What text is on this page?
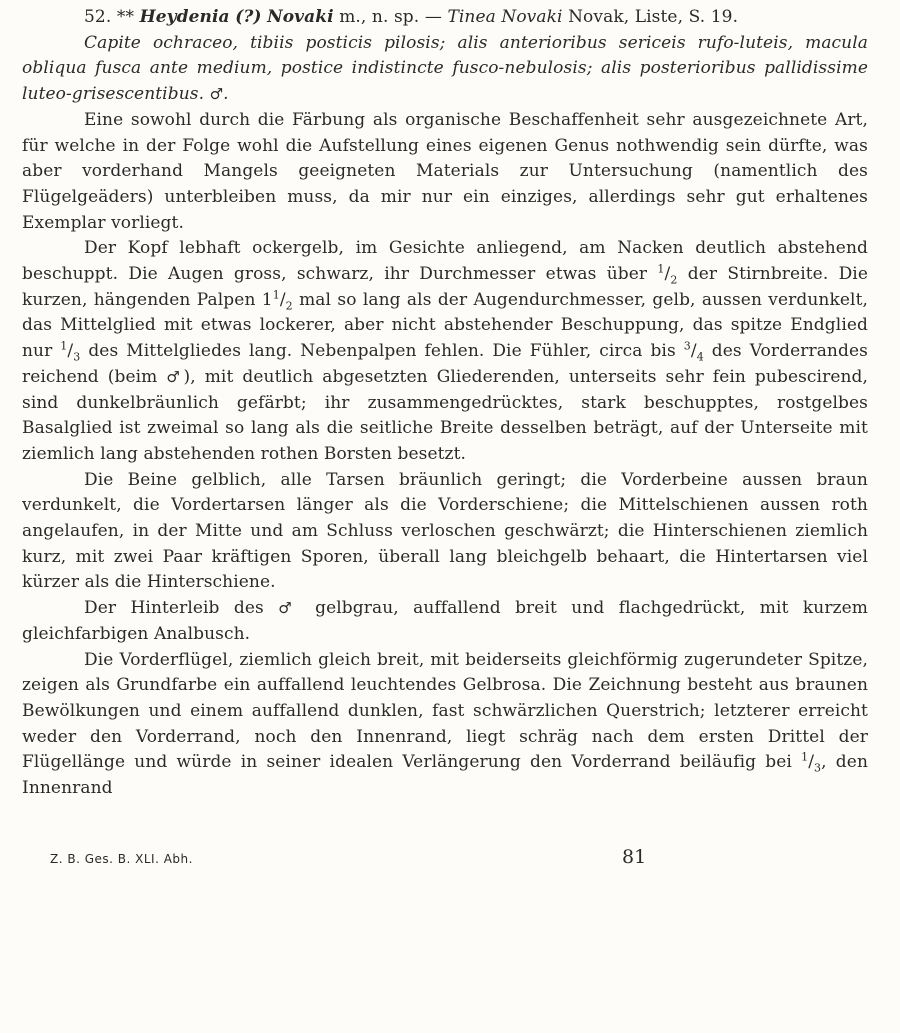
52. ** Heydenia (?) Novaki m., n. sp. — Tinea Novaki Novak, Liste, S. 19.

Capite ochraceo, tibiis posticis pilosis; alis anterioribus sericeis rufo-luteis, macula obliqua fusca ante medium, postice indistincte fusco-nebulosis; alis posterioribus pallidissime luteo-grisescentibus. ♂.

Eine sowohl durch die Färbung als organische Beschaffenheit sehr ausgezeichnete Art, für welche in der Folge wohl die Aufstellung eines eigenen Genus nothwendig sein dürfte, was aber vorderhand Mangels geeigneten Materials zur Untersuchung (namentlich des Flügelgeäders) unterbleiben muss, da mir nur ein einziges, allerdings sehr gut erhaltenes Exemplar vorliegt.

Der Kopf lebhaft ockergelb, im Gesichte anliegend, am Nacken deutlich abstehend beschuppt. Die Augen gross, schwarz, ihr Durchmesser etwas über $^1/_2$ der Stirnbreite. Die kurzen, hängenden Palpen $1^1/_2$ mal so lang als der Augendurchmesser, gelb, aussen verdunkelt, das Mittelglied mit etwas lockerer, aber nicht abstehender Beschuppung, das spitze Endglied nur $^1/_3$ des Mittelgliedes lang. Nebenpalpen fehlen. Die Fühler, circa bis $^3/_4$ des Vorderrandes reichend (beim ♂), mit deutlich abgesetzten Gliederenden, unterseits sehr fein pubescirend, sind dunkelbräunlich gefärbt; ihr zusammengedrücktes, stark beschupptes, rostgelbes Basalglied ist zweimal so lang als die seitliche Breite desselben beträgt, auf der Unterseite mit ziemlich lang abstehenden rothen Borsten besetzt.

Die Beine gelblich, alle Tarsen bräunlich geringt; die Vorderbeine aussen braun verdunkelt, die Vordertarsen länger als die Vorderschiene; die Mittelschienen aussen roth angelaufen, in der Mitte und am Schluss verloschen geschwärzt; die Hinterschienen ziemlich kurz, mit zwei Paar kräftigen Sporen, überall lang bleichgelb behaart, die Hintertarsen viel kürzer als die Hinterschiene.

Der Hinterleib des ♂ gelbgrau, auffallend breit und flachgedrückt, mit kurzem gleichfarbigen Analbusch.

Die Vorderflügel, ziemlich gleich breit, mit beiderseits gleichförmig zugerundeter Spitze, zeigen als Grundfarbe ein auffallend leuchtendes Gelbrosa. Die Zeichnung besteht aus braunen Bewölkungen und einem auffallend dunklen, fast schwärzlichen Querstrich; letzterer erreicht weder den Vorderrand, noch den Innenrand, liegt schräg nach dem ersten Drittel der Flügellänge und würde in seiner idealen Verlängerung den Vorderrand beiläufig bei $^1/_3$, den Innenrand

Z. B. Ges. B. XLI. Abh.	81
